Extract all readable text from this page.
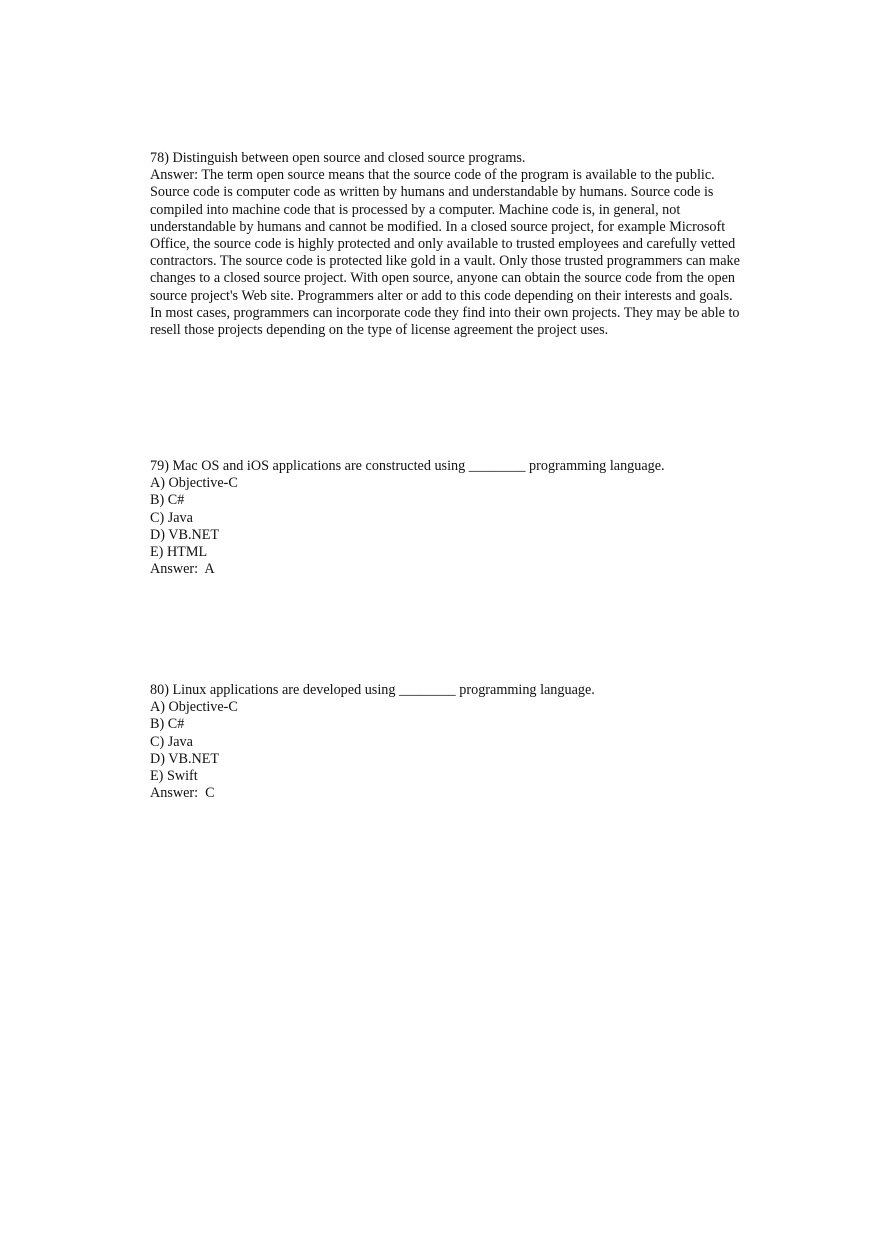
78) Distinguish between open source and closed source programs.

Answer: The term open source means that the source code of the program is available to the public. Source code is computer code as written by humans and understandable by humans. Source code is compiled into machine code that is processed by a computer. Machine code is, in general, not understandable by humans and cannot be modified. In a closed source project, for example Microsoft Office, the source code is highly protected and only available to trusted employees and carefully vetted contractors. The source code is protected like gold in a vault. Only those trusted programmers can make changes to a closed source project. With open source, anyone can obtain the source code from the open source project's Web site. Programmers alter or add to this code depending on their interests and goals. In most cases, programmers can incorporate code they find into their own projects. They may be able to resell those projects depending on the type of license agreement the project uses.

79) Mac OS and iOS applications are constructed using ________ programming language.

A) Objective-C

B) C#

C) Java

D) VB.NET

E) HTML

Answer:  A

80) Linux applications are developed using ________ programming language.

A) Objective-C

B) C#

C) Java

D) VB.NET

E) Swift

Answer:  C
